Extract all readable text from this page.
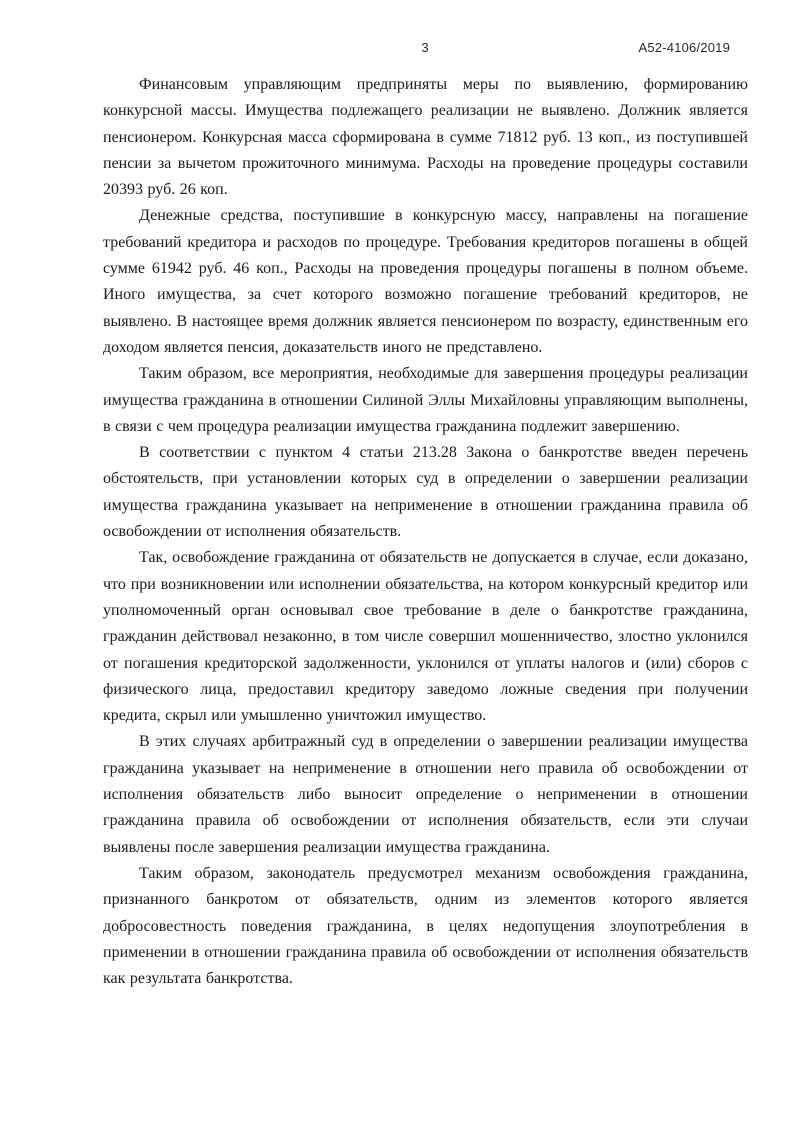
3	А52-4106/2019

Финансовым управляющим предприняты меры по выявлению, формированию конкурсной массы. Имущества подлежащего реализации не выявлено. Должник является пенсионером. Конкурсная масса сформирована в сумме 71812 руб. 13 коп., из поступившей пенсии за вычетом прожиточного минимума. Расходы на проведение процедуры составили 20393 руб. 26 коп.

Денежные средства, поступившие в конкурсную массу, направлены на погашение требований кредитора и расходов по процедуре. Требования кредиторов погашены в общей сумме 61942 руб. 46 коп., Расходы на проведения процедуры погашены в полном объеме. Иного имущества, за счет которого возможно погашение требований кредиторов, не выявлено. В настоящее время должник является пенсионером по возрасту, единственным его доходом является пенсия, доказательств иного не представлено.

Таким образом, все мероприятия, необходимые для завершения процедуры реализации имущества гражданина в отношении Силиной Эллы Михайловны управляющим выполнены, в связи с чем процедура реализации имущества гражданина подлежит завершению.

В соответствии с пунктом 4 статьи 213.28 Закона о банкротстве введен перечень обстоятельств, при установлении которых суд в определении о завершении реализации имущества гражданина указывает на неприменение в отношении гражданина правила об освобождении от исполнения обязательств.

Так, освобождение гражданина от обязательств не допускается в случае, если доказано, что при возникновении или исполнении обязательства, на котором конкурсный кредитор или уполномоченный орган основывал свое требование в деле о банкротстве гражданина, гражданин действовал незаконно, в том числе совершил мошенничество, злостно уклонился от погашения кредиторской задолженности, уклонился от уплаты налогов и (или) сборов с физического лица, предоставил кредитору заведомо ложные сведения при получении кредита, скрыл или умышленно уничтожил имущество.

В этих случаях арбитражный суд в определении о завершении реализации имущества гражданина указывает на неприменение в отношении него правила об освобождении от исполнения обязательств либо выносит определение о неприменении в отношении гражданина правила об освобождении от исполнения обязательств, если эти случаи выявлены после завершения реализации имущества гражданина.

Таким образом, законодатель предусмотрел механизм освобождения гражданина, признанного банкротом от обязательств, одним из элементов которого является добросовестность поведения гражданина, в целях недопущения злоупотребления в применении в отношении гражданина правила об освобождении от исполнения обязательств как результата банкротства.
